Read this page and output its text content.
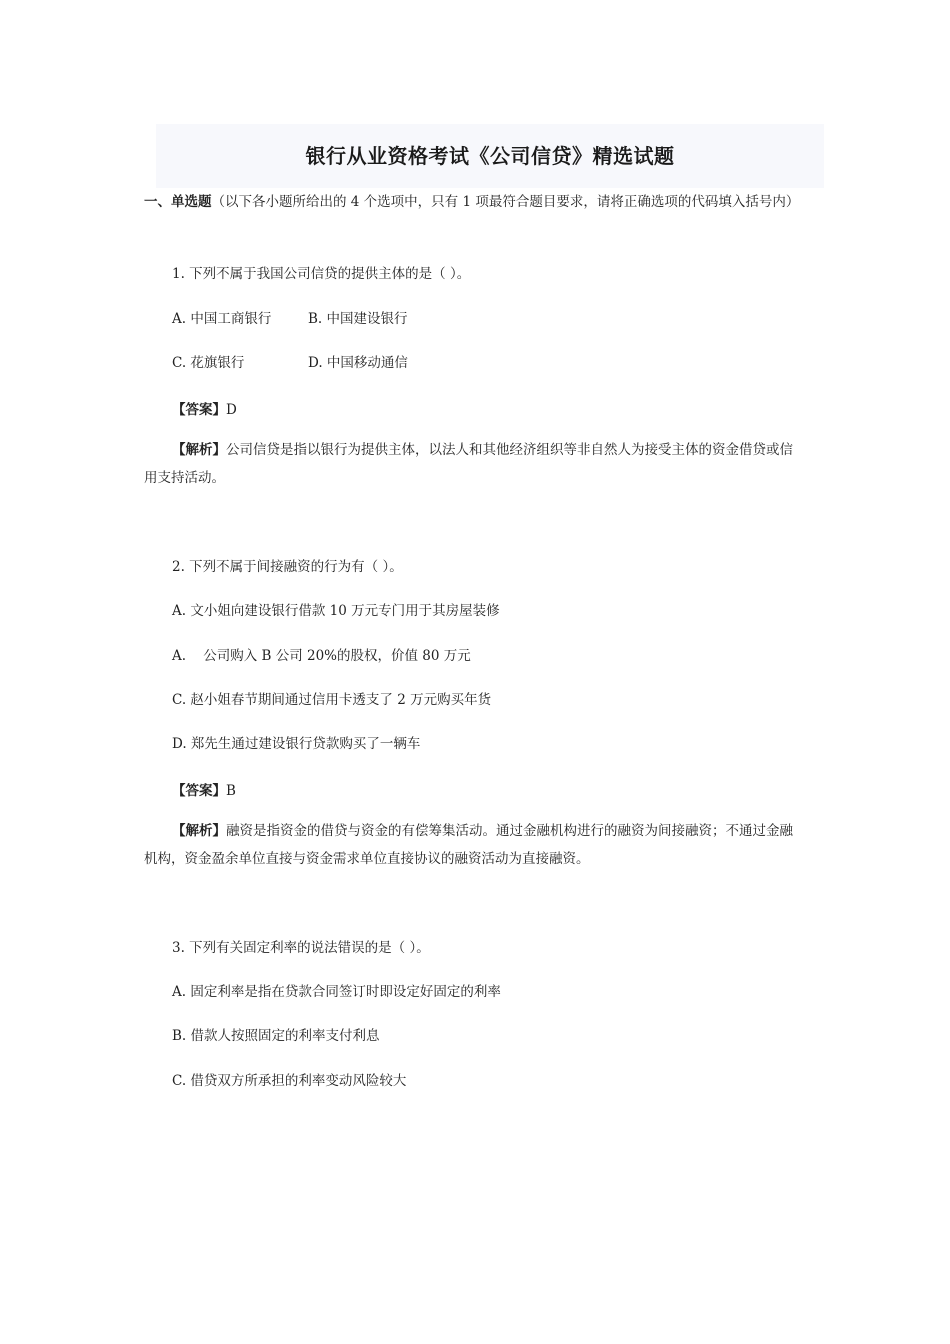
银行从业资格考试《公司信贷》精选试题
一、单选题（以下各小题所给出的 4 个选项中，只有 1 项最符合题目要求，请将正确选项的代码填入括号内）
1. 下列不属于我国公司信贷的提供主体的是（ ）。
A. 中国工商银行	B. 中国建设银行
C. 花旗银行	D. 中国移动通信
【答案】D
【解析】公司信贷是指以银行为提供主体，以法人和其他经济组织等非自然人为接受主体的资金借贷或信用支持活动。
2. 下列不属于间接融资的行为有（ ）。
A. 文小姐向建设银行借款 10 万元专门用于其房屋装修
A.    公司购入 B 公司 20%的股权，价值 80 万元
C. 赵小姐春节期间通过信用卡透支了 2 万元购买年货
D. 郑先生通过建设银行贷款购买了一辆车
【答案】B
【解析】融资是指资金的借贷与资金的有偿筹集活动。通过金融机构进行的融资为间接融资；不通过金融机构，资金盈余单位直接与资金需求单位直接协议的融资活动为直接融资。
3. 下列有关固定利率的说法错误的是（ ）。
A. 固定利率是指在贷款合同签订时即设定好固定的利率
B. 借款人按照固定的利率支付利息
C. 借贷双方所承担的利率变动风险较大
